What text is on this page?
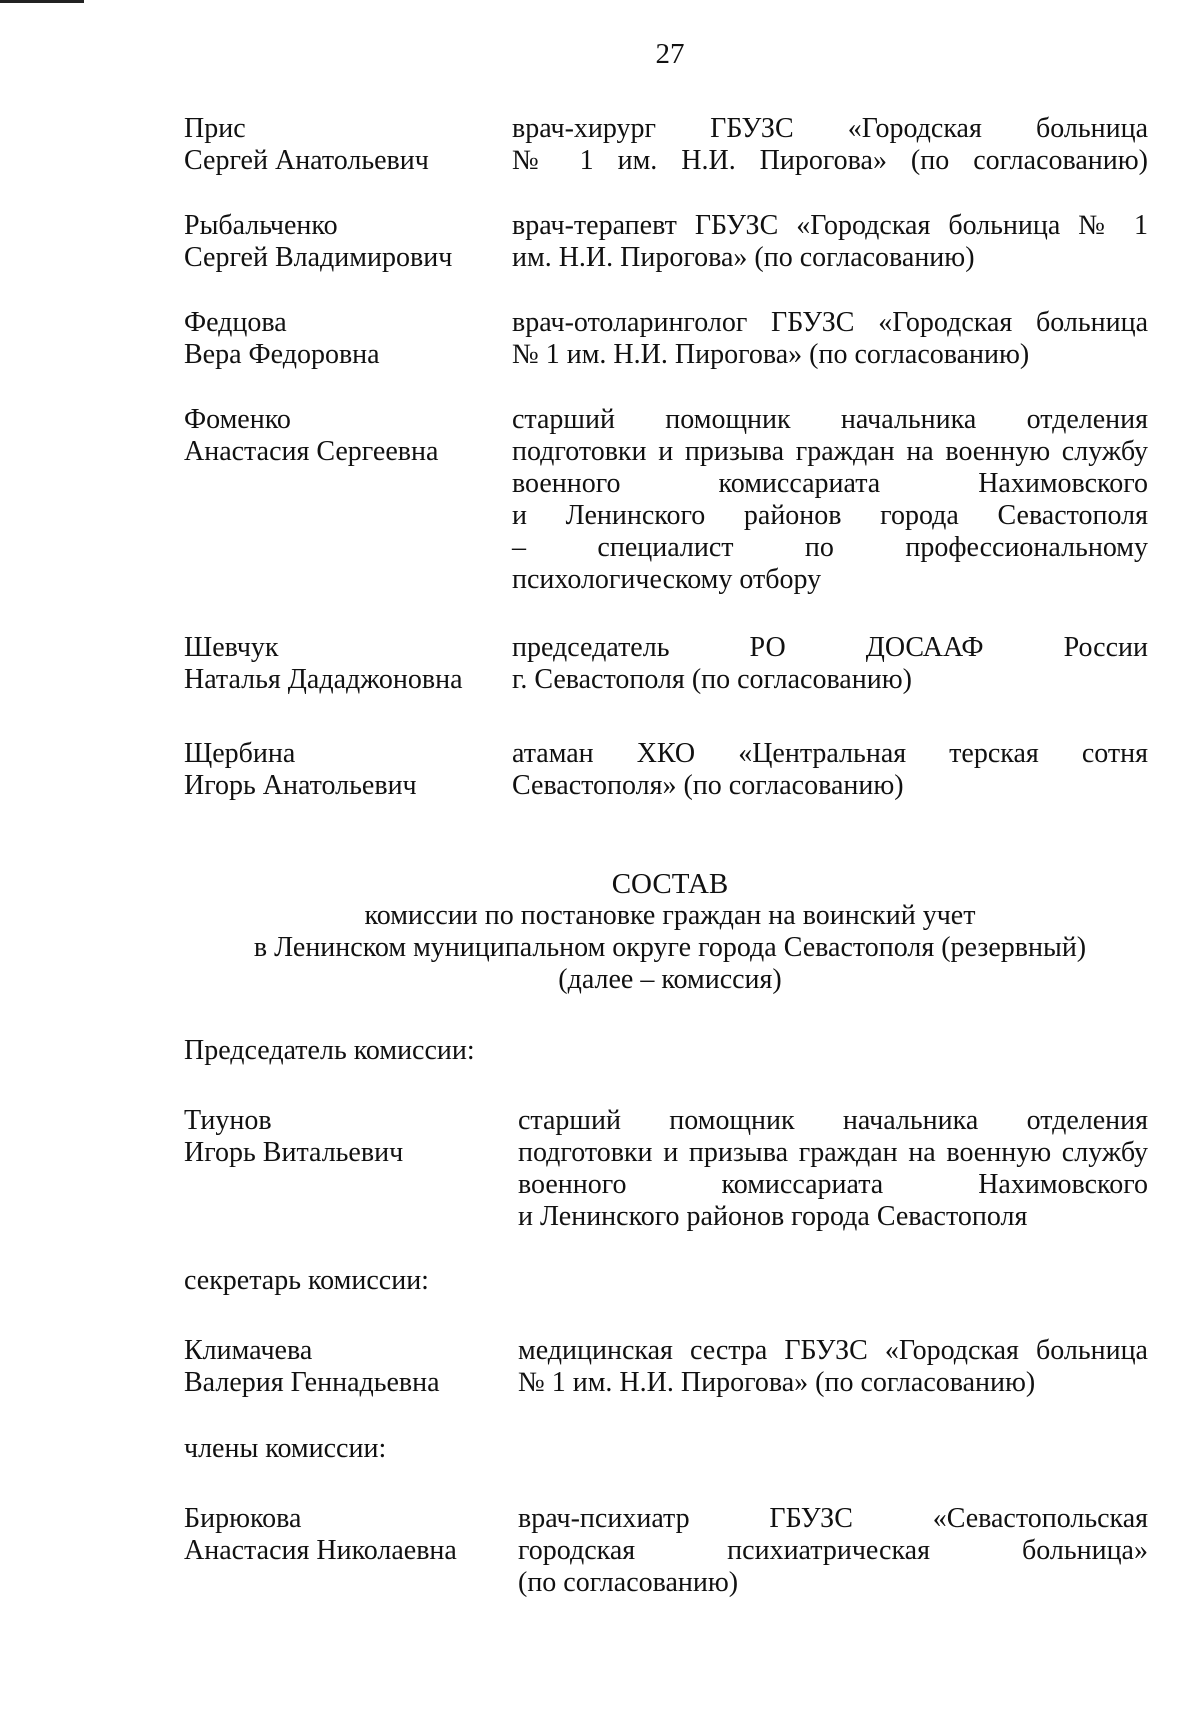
27
Прис
Сергей Анатольевич
врач-хирург ГБУЗС «Городская больница
№ 1 им. Н.И. Пирогова» (по согласованию)
Рыбальченко
Сергей Владимирович
врач-терапевт ГБУЗС «Городская больница № 1
им. Н.И. Пирогова» (по согласованию)
Федцова
Вера Федоровна
врач-отоларинголог ГБУЗС «Городская больница
№ 1 им. Н.И. Пирогова» (по согласованию)
Фоменко
Анастасия Сергеевна
старший помощник начальника отделения
подготовки и призыва граждан на военную службу
военного комиссариата Нахимовского
и Ленинского районов города Севастополя
– специалист по профессиональному
психологическому отбору
Шевчук
Наталья Дададжоновна
председатель РО ДОСААФ России
г. Севастополя (по согласованию)
Щербина
Игорь Анатольевич
атаман ХКО «Центральная терская сотня
Севастополя» (по согласованию)
СОСТАВ
комиссии по постановке граждан на воинский учет
в Ленинском муниципальном округе города Севастополя (резервный)
(далее – комиссия)
Председатель комиссии:
Тиунов
Игорь Витальевич
старший помощник начальника отделения
подготовки и призыва граждан на военную службу
военного комиссариата Нахимовского
и Ленинского районов города Севастополя
секретарь комиссии:
Климачева
Валерия Геннадьевна
медицинская сестра ГБУЗС «Городская больница
№ 1 им. Н.И. Пирогова» (по согласованию)
члены комиссии:
Бирюкова
Анастасия Николаевна
врач-психиатр ГБУЗС «Севастопольская
городская психиатрическая больница»
(по согласованию)
